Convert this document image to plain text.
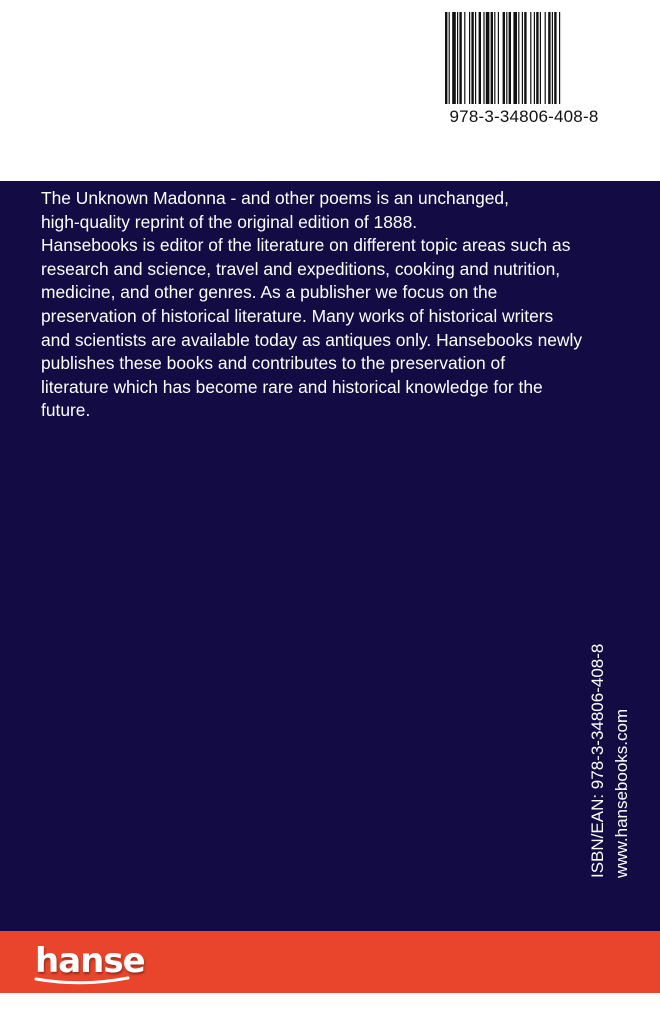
978-3-34806-408-8

The Unknown Madonna - and other poems is an unchanged,
high-quality reprint of the original edition of 1888.
Hansebooks is editor of the literature on different topic areas such as
research and science, travel and expeditions, cooking and nutrition,
medicine, and other genres. As a publisher we focus on the
preservation of historical literature. Many works of historical writers
and scientists are available today as antiques only. Hansebooks newly
publishes these books and contributes to the preservation of
literature which has become rare and historical knowledge for the
future.

ISBN/EAN: 978-3-34806-408-8 www.hansebooks.com
hanse
